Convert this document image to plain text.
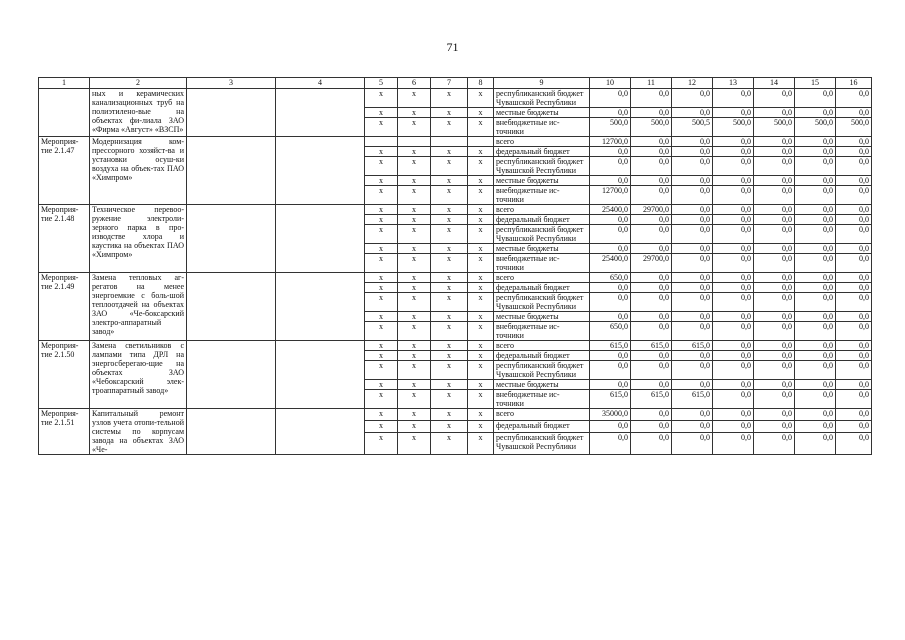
71
1	2	3	4	5	6	7	8	9	10	11	12	13	14	15	16
	ных и керамических канализационных труб на полиэтилено-вые на объектах фи-лиала ЗАО «Фирма «Август» «ВЗСП»			х	х	х	х	республиканский бюджет Чувашской Республики	0,0	0,0	0,0	0,0	0,0	0,0	0,0
				х	х	х	х	местные бюджеты	0,0	0,0	0,0	0,0	0,0	0,0	0,0
				х	х	х	х	внебюджетные ис-точники	500,0	500,0	500,5	500,0	500,0	500,0	500,0
Мероприя-тие 2.1.47	Модернизация ком-прессорного хозяйст-ва и установки осуш-ки воздуха на объек-тах ПАО «Химпром»							всего	12700,0	0,0	0,0	0,0	0,0	0,0	0,0
				х	х	х	х	федеральный бюджет	0,0	0,0	0,0	0,0	0,0	0,0	0,0
				х	х	х	х	республиканский бюджет Чувашской Республики	0,0	0,0	0,0	0,0	0,0	0,0	0,0
				х	х	х	х	местные бюджеты	0,0	0,0	0,0	0,0	0,0	0,0	0,0
				х	х	х	х	внебюджетные ис-точники	12700,0	0,0	0,0	0,0	0,0	0,0	0,0
Мероприя-тие 2.1.48	Техническое перевоо-ружение электроли-зерного парка в про-изводстве хлора и каустика на объектах ПАО «Химпром»			х	х	х	х	всего	25400,0	29700,0	0,0	0,0	0,0	0,0	0,0
				х	х	х	х	федеральный бюджет	0,0	0,0	0,0	0,0	0,0	0,0	0,0
				х	х	х	х	республиканский бюджет Чувашской Республики	0,0	0,0	0,0	0,0	0,0	0,0	0,0
				х	х	х	х	местные бюджеты	0,0	0,0	0,0	0,0	0,0	0,0	0,0
				х	х	х	х	внебюджетные ис-точники	25400,0	29700,0	0,0	0,0	0,0	0,0	0,0
Мероприя-тие 2.1.49	Замена тепловых аг-регатов на менее энергоемкие с боль-шой теплоотдачей на объектах ЗАО «Че-боксарский электро-аппаратный завод»			х	х	х	х	всего	650,0	0,0	0,0	0,0	0,0	0,0	0,0
				х	х	х	х	федеральный бюджет	0,0	0,0	0,0	0,0	0,0	0,0	0,0
				х	х	х	х	республиканский бюджет Чувашской Республики	0,0	0,0	0,0	0,0	0,0	0,0	0,0
				х	х	х	х	местные бюджеты	0,0	0,0	0,0	0,0	0,0	0,0	0,0
				х	х	х	х	внебюджетные ис-точники	650,0	0,0	0,0	0,0	0,0	0,0	0,0
Мероприя-тие 2.1.50	Замена светильников с лампами типа ДРЛ на энергосберегаю-щие на объектах ЗАО «Чебоксарский элек-троаппаратный завод»			х	х	х	х	всего	615,0	615,0	615,0	0,0	0,0	0,0	0,0
				х	х	х	х	федеральный бюджет	0,0	0,0	0,0	0,0	0,0	0,0	0,0
				х	х	х	х	республиканский бюджет Чувашской Республики	0,0	0,0	0,0	0,0	0,0	0,0	0,0
				х	х	х	х	местные бюджеты	0,0	0,0	0,0	0,0	0,0	0,0	0,0
				х	х	х	х	внебюджетные ис-точники	615,0	615,0	615,0	0,0	0,0	0,0	0,0
Мероприя-тие 2.1.51	Капитальный ремонт узлов учета отопи-тельной системы по корпусам завода на объектах ЗАО «Че-			х	х	х	х	всего	35000,0	0,0	0,0	0,0	0,0	0,0	0,0
				х	х	х	х	федеральный бюджет	0,0	0,0	0,0	0,0	0,0	0,0	0,0
				х	х	х	х	республиканский бюджет Чувашской Республики	0,0	0,0	0,0	0,0	0,0	0,0	0,0
